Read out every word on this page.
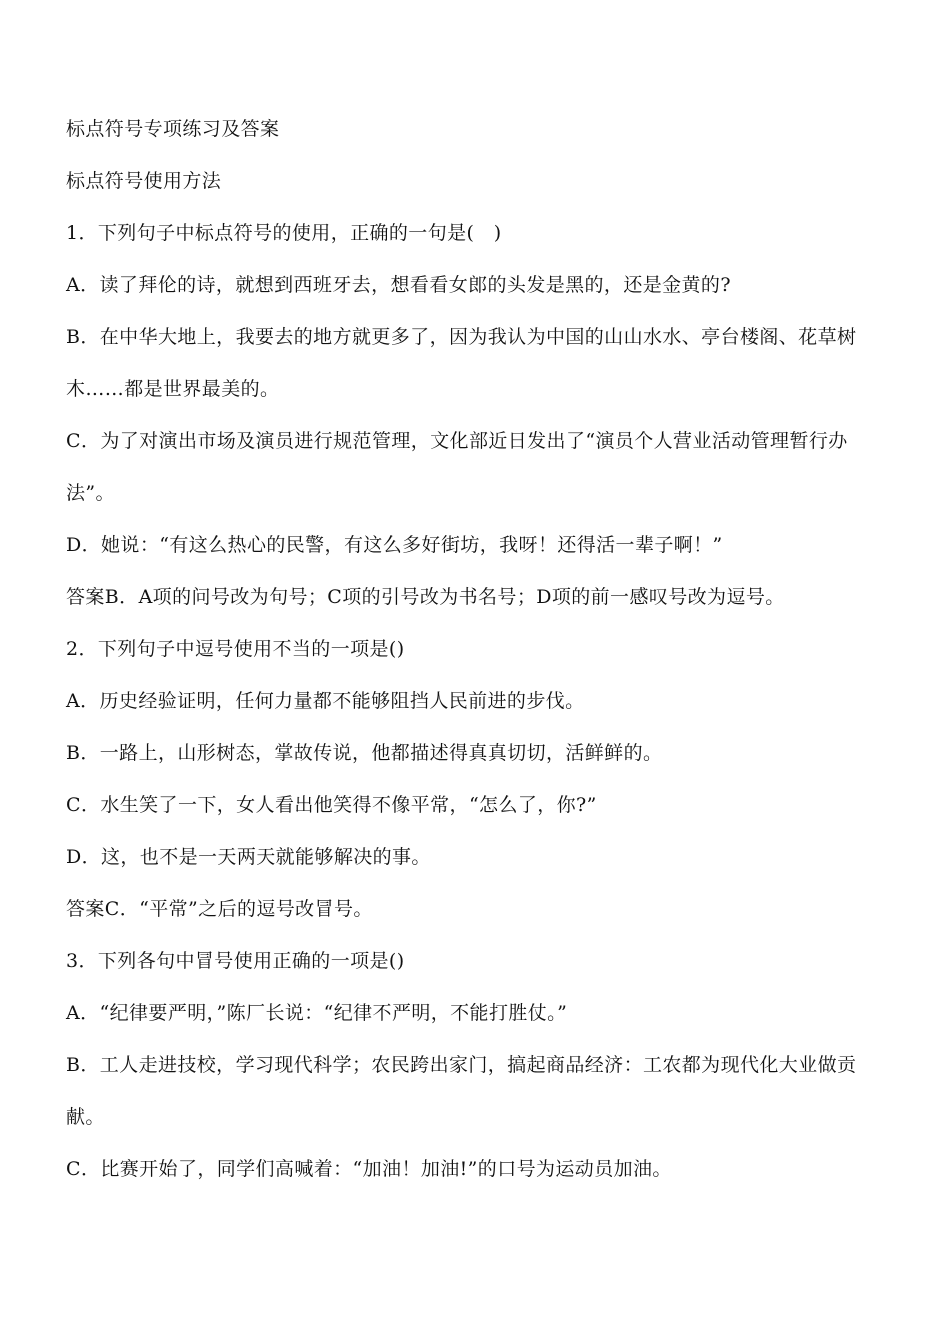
标点符号专项练习及答案
标点符号使用方法
1．下列句子中标点符号的使用，正确的一句是(　)
A．读了拜伦的诗，就想到西班牙去，想看看女郎的头发是黑的，还是金黄的?
B．在中华大地上，我要去的地方就更多了，因为我认为中国的山山水水、亭台楼阁、花草树
木……都是世界最美的。
C．为了对演出市场及演员进行规范管理，文化部近日发出了“演员个人营业活动管理暂行办
法”。
D．她说：“有这么热心的民警，有这么多好街坊，我呀！还得活一辈子啊！”
答案B．A项的问号改为句号；C项的引号改为书名号；D项的前一感叹号改为逗号。
2．下列句子中逗号使用不当的一项是()
A．历史经验证明，任何力量都不能够阻挡人民前进的步伐。
B．一路上，山形树态，掌故传说，他都描述得真真切切，活鲜鲜的。
C．水生笑了一下，女人看出他笑得不像平常，“怎么了，你?”
D．这，也不是一天两天就能够解决的事。
答案C．“平常”之后的逗号改冒号。
3．下列各句中冒号使用正确的一项是()
A．“纪律要严明，”陈厂长说：“纪律不严明，不能打胜仗。”
B．工人走进技校，学习现代科学；农民跨出家门，搞起商品经济：工农都为现代化大业做贡
献。
C．比赛开始了，同学们高喊着：“加油！加油!”的口号为运动员加油。
